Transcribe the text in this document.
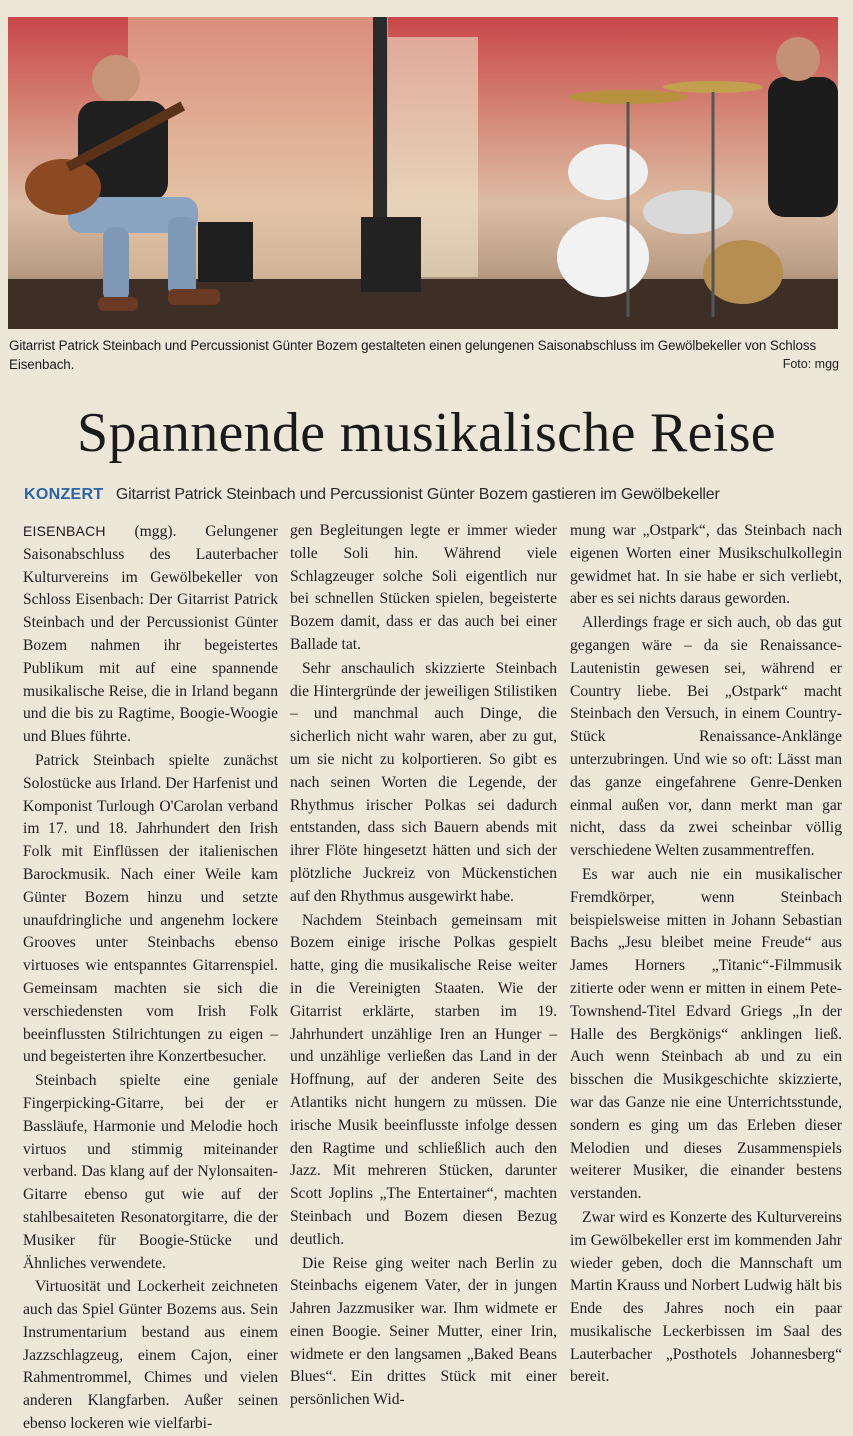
Gitarrist Patrick Steinbach und Percussionist Günter Bozem gestalteten einen gelungenen Saisonabschluss im Gewölbekeller von Schloss Eisenbach.	Foto: mgg
Spannende musikalische Reise
KONZERT Gitarrist Patrick Steinbach und Percussionist Günter Bozem gastieren im Gewölbekeller

EISENBACH (mgg). Gelungener Saisonabschluss des Lauterbacher Kulturvereins im Gewölbekeller von Schloss Eisenbach: Der Gitarrist Patrick Steinbach und der Percussionist Günter Bozem nahmen ihr begeistertes Publikum mit auf eine spannende musikalische Reise, die in Irland begann und die bis zu Ragtime, Boogie-Woogie und Blues führte.

Patrick Steinbach spielte zunächst Solostücke aus Irland. Der Harfenist und Komponist Turlough O'Carolan verband im 17. und 18. Jahrhundert den Irish Folk mit Einflüssen der italienischen Barockmusik. Nach einer Weile kam Günter Bozem hinzu und setzte unaufdringliche und angenehm lockere Grooves unter Steinbachs ebenso virtuoses wie entspanntes Gitarrenspiel. Gemeinsam machten sie sich die verschiedensten vom Irish Folk beeinflussten Stilrichtungen zu eigen – und begeisterten ihre Konzertbesucher.

Steinbach spielte eine geniale Fingerpicking-Gitarre, bei der er Bassläufe, Harmonie und Melodie hoch virtuos und stimmig miteinander verband. Das klang auf der Nylonsaiten-Gitarre ebenso gut wie auf der stahlbesaiteten Resonatorgitarre, die der Musiker für Boogie-Stücke und Ähnliches verwendete.

Virtuosität und Lockerheit zeichneten auch das Spiel Günter Bozems aus. Sein Instrumentarium bestand aus einem Jazzschlagzeug, einem Cajon, einer Rahmentrommel, Chimes und vielen anderen Klangfarben. Außer seinen ebenso lockeren wie vielfarbi-

gen Begleitungen legte er immer wieder tolle Soli hin. Während viele Schlagzeuger solche Soli eigentlich nur bei schnellen Stücken spielen, begeisterte Bozem damit, dass er das auch bei einer Ballade tat.

Sehr anschaulich skizzierte Steinbach die Hintergründe der jeweiligen Stilistiken – und manchmal auch Dinge, die sicherlich nicht wahr waren, aber zu gut, um sie nicht zu kolportieren. So gibt es nach seinen Worten die Legende, der Rhythmus irischer Polkas sei dadurch entstanden, dass sich Bauern abends mit ihrer Flöte hingesetzt hätten und sich der plötzliche Juckreiz von Mückenstichen auf den Rhythmus ausgewirkt habe.

Nachdem Steinbach gemeinsam mit Bozem einige irische Polkas gespielt hatte, ging die musikalische Reise weiter in die Vereinigten Staaten. Wie der Gitarrist erklärte, starben im 19. Jahrhundert unzählige Iren an Hunger – und unzählige verließen das Land in der Hoffnung, auf der anderen Seite des Atlantiks nicht hungern zu müssen. Die irische Musik beeinflusste infolge dessen den Ragtime und schließlich auch den Jazz. Mit mehreren Stücken, darunter Scott Joplins „The Entertainer“, machten Steinbach und Bozem diesen Bezug deutlich.

Die Reise ging weiter nach Berlin zu Steinbachs eigenem Vater, der in jungen Jahren Jazzmusiker war. Ihm widmete er einen Boogie. Seiner Mutter, einer Irin, widmete er den langsamen „Baked Beans Blues“. Ein drittes Stück mit einer persönlichen Wid-

mung war „Ostpark“, das Steinbach nach eigenen Worten einer Musikschulkollegin gewidmet hat. In sie habe er sich verliebt, aber es sei nichts daraus geworden.

Allerdings frage er sich auch, ob das gut gegangen wäre – da sie Renaissance-Lautenistin gewesen sei, während er Country liebe. Bei „Ostpark“ macht Steinbach den Versuch, in einem Country-Stück Renaissance-Anklänge unterzubringen. Und wie so oft: Lässt man das ganze eingefahrene Genre-Denken einmal außen vor, dann merkt man gar nicht, dass da zwei scheinbar völlig verschiedene Welten zusammentreffen.

Es war auch nie ein musikalischer Fremdkörper, wenn Steinbach beispielsweise mitten in Johann Sebastian Bachs „Jesu bleibet meine Freude“ aus James Horners „Titanic“-Filmmusik zitierte oder wenn er mitten in einem Pete-Townshend-Titel Edvard Griegs „In der Halle des Bergkönigs“ anklingen ließ. Auch wenn Steinbach ab und zu ein bisschen die Musikgeschichte skizzierte, war das Ganze nie eine Unterrichtsstunde, sondern es ging um das Erleben dieser Melodien und dieses Zusammenspiels weiterer Musiker, die einander bestens verstanden.

Zwar wird es Konzerte des Kulturvereins im Gewölbekeller erst im kommenden Jahr wieder geben, doch die Mannschaft um Martin Krauss und Norbert Ludwig hält bis Ende des Jahres noch ein paar musikalische Leckerbissen im Saal des Lauterbacher „Posthotels Johannesberg“ bereit.
